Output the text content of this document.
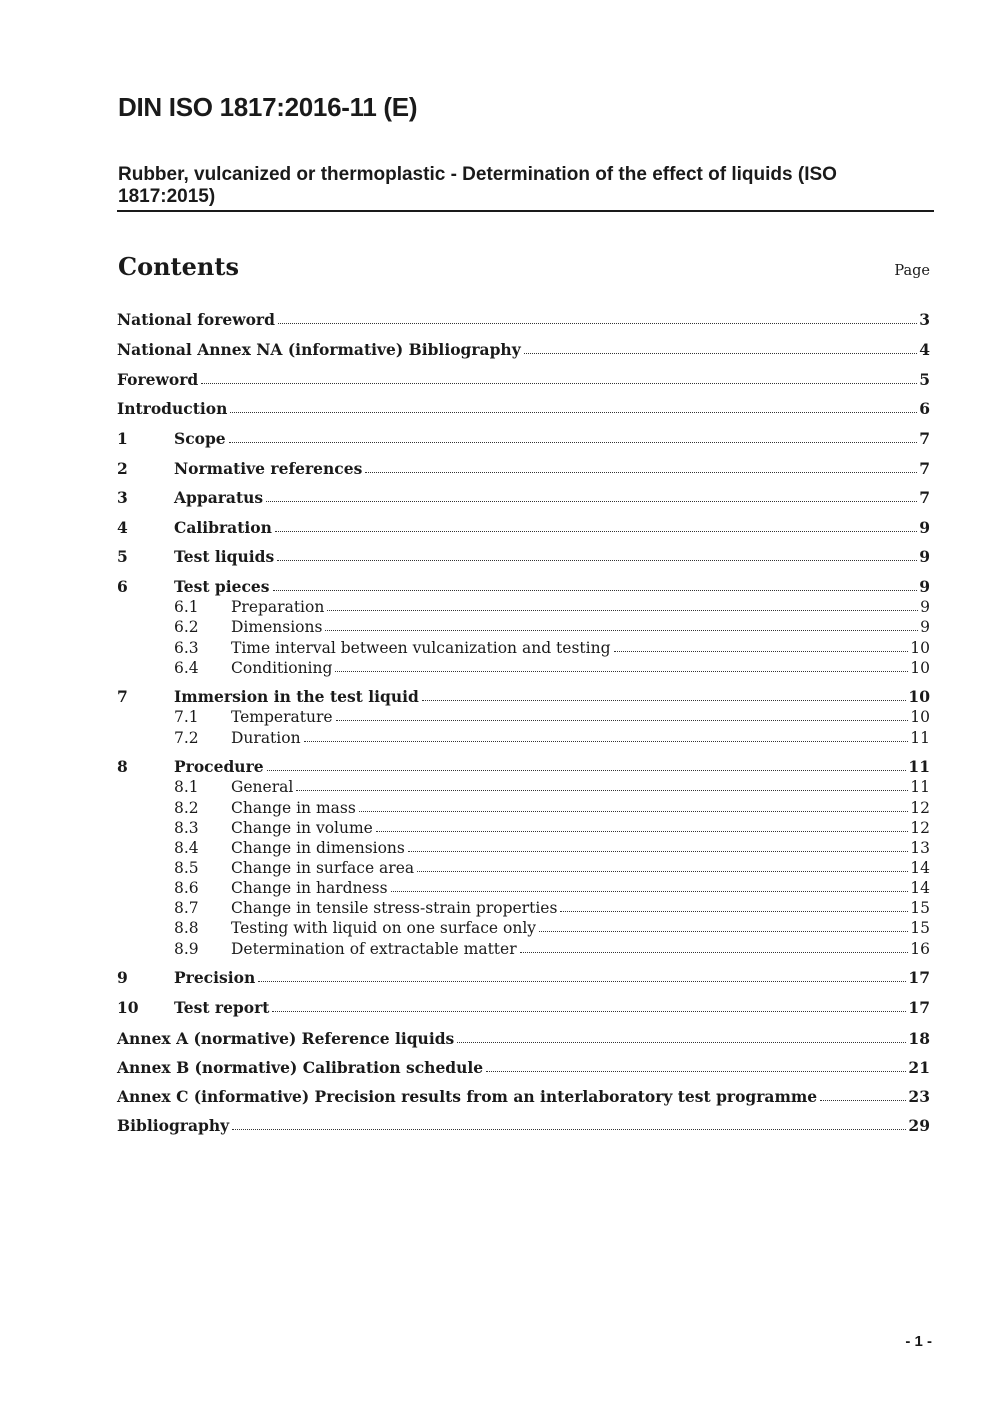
DIN ISO 1817:2016-11 (E)
Rubber, vulcanized or thermoplastic - Determination of the effect of liquids (ISO 1817:2015)
Contents	Page
National foreword	3
National Annex NA (informative) Bibliography	4
Foreword	5
Introduction	6
1	Scope	7
2	Normative references	7
3	Apparatus	7
4	Calibration	9
5	Test liquids	9
6	Test pieces	9
6.1	Preparation	9
6.2	Dimensions	9
6.3	Time interval between vulcanization and testing	10
6.4	Conditioning	10
7	Immersion in the test liquid	10
7.1	Temperature	10
7.2	Duration	11
8	Procedure	11
8.1	General	11
8.2	Change in mass	12
8.3	Change in volume	12
8.4	Change in dimensions	13
8.5	Change in surface area	14
8.6	Change in hardness	14
8.7	Change in tensile stress-strain properties	15
8.8	Testing with liquid on one surface only	15
8.9	Determination of extractable matter	16
9	Precision	17
10	Test report	17
Annex A (normative) Reference liquids	18
Annex B (normative) Calibration schedule	21
Annex C (informative) Precision results from an interlaboratory test programme	23
Bibliography	29
- 1 -
